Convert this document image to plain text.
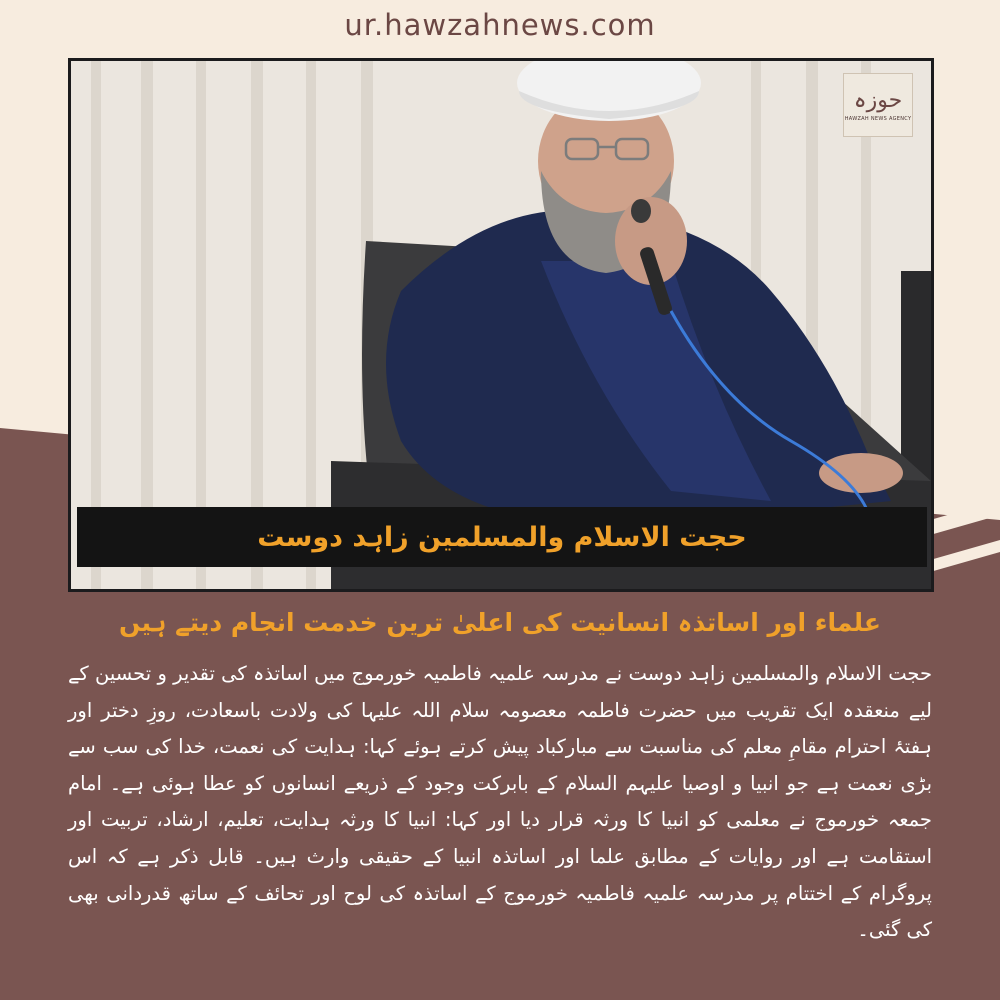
ur.hawzahnews.com
حوزہ
HAWZAH NEWS AGENCY
حجت الاسلام والمسلمین زاہد دوست
علماء اور اساتذہ انسانیت کی اعلیٰ ترین خدمت انجام دیتے ہیں
حجت الاسلام والمسلمین زاہد دوست نے مدرسہ علمیہ فاطمیہ خورموج میں اساتذہ کی تقدیر و تحسین کے لیے منعقدہ ایک تقریب میں حضرت فاطمہ معصومہ سلام اللہ علیہا کی ولادت باسعادت، روزِ دختر اور ہفتۂ احترام مقامِ معلم کی مناسبت سے مبارکباد پیش کرتے ہوئے کہا: ہدایت کی نعمت، خدا کی سب سے بڑی نعمت ہے جو انبیا و اوصیا علیہم السلام کے بابرکت وجود کے ذریعے انسانوں کو عطا ہوئی ہے۔ امام جمعہ خورموج نے معلمی کو انبیا کا ورثہ قرار دیا اور کہا: انبیا کا ورثہ ہدایت، تعلیم، ارشاد، تربیت اور استقامت ہے اور روایات کے مطابق علما اور اساتذہ انبیا کے حقیقی وارث ہیں۔ قابل ذکر ہے کہ اس پروگرام کے اختتام پر مدرسہ علمیہ فاطمیہ خورموج کے اساتذہ کی لوح اور تحائف کے ساتھ قدردانی بھی کی گئی۔
